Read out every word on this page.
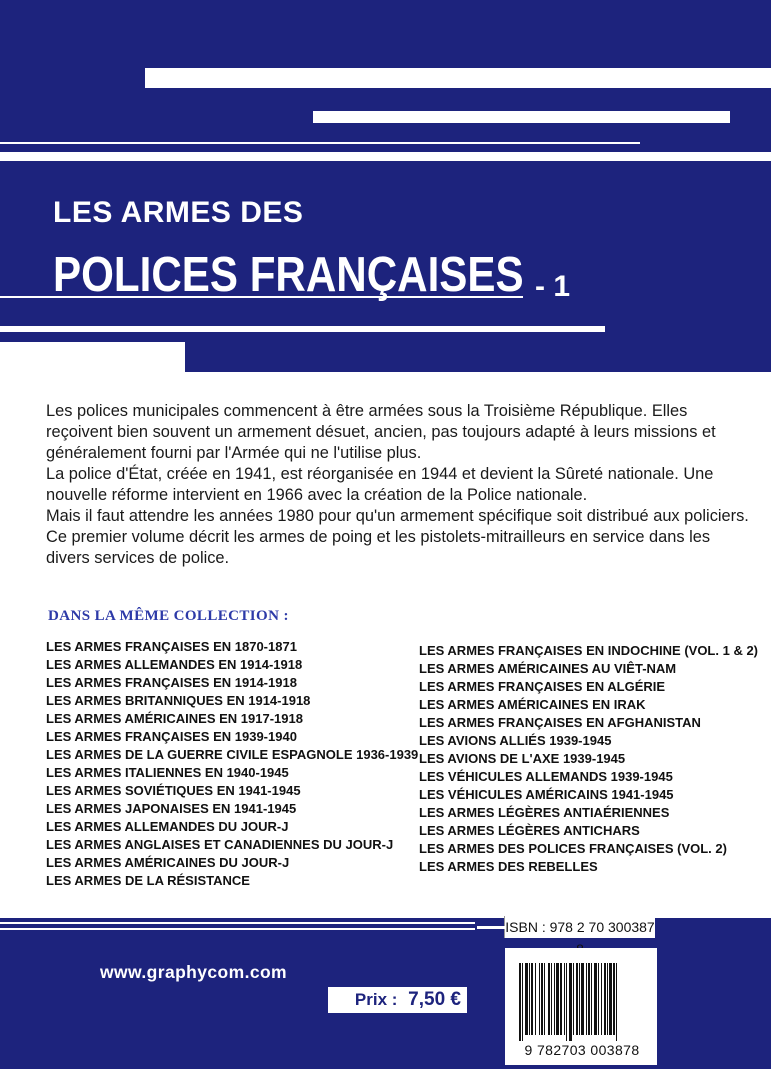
LES ARMES DES
POLICES FRANÇAISES - 1

Les polices municipales commencent à être armées sous la Troisième République. Elles reçoivent bien souvent un armement désuet, ancien, pas toujours adapté à leurs missions et généralement fourni par l'Armée qui ne l'utilise plus.

La police d'État, créée en 1941, est réorganisée en 1944 et devient la Sûreté nationale. Une nouvelle réforme intervient en 1966 avec la création de la Police nationale.

Mais il faut attendre les années 1980 pour qu'un armement spécifique soit distribué aux policiers.

Ce premier volume décrit les armes de poing et les pistolets-mitrailleurs en service dans les divers services de police.

DANS LA MÊME COLLECTION :
LES ARMES FRANÇAISES EN 1870-1871
LES ARMES ALLEMANDES EN 1914-1918
LES ARMES FRANÇAISES EN 1914-1918
LES ARMES BRITANNIQUES EN 1914-1918
LES ARMES AMÉRICAINES EN 1917-1918
LES ARMES FRANÇAISES EN 1939-1940
LES ARMES DE LA GUERRE CIVILE ESPAGNOLE 1936-1939
LES ARMES ITALIENNES EN 1940-1945
LES ARMES SOVIÉTIQUES EN 1941-1945
LES ARMES JAPONAISES EN 1941-1945
LES ARMES ALLEMANDES DU JOUR-J
LES ARMES ANGLAISES ET CANADIENNES DU JOUR-J
LES ARMES AMÉRICAINES DU JOUR-J
LES ARMES DE LA RÉSISTANCE
LES ARMES FRANÇAISES EN INDOCHINE (VOL. 1 & 2)
LES ARMES AMÉRICAINES AU VIÊT-NAM
LES ARMES FRANÇAISES EN ALGÉRIE
LES ARMES AMÉRICAINES EN IRAK
LES ARMES FRANÇAISES EN AFGHANISTAN
LES AVIONS ALLIÉS 1939-1945
LES AVIONS DE L'AXE 1939-1945
LES VÉHICULES ALLEMANDS 1939-1945
LES VÉHICULES AMÉRICAINS 1941-1945
LES ARMES LÉGÈRES ANTIAÉRIENNES
LES ARMES LÉGÈRES ANTICHARS
LES ARMES DES POLICES FRANÇAISES (VOL. 2)
LES ARMES DES REBELLES
www.graphycom.com
Prix : 7,50 €
ISBN : 978 2 70 300387
9 782703 003878
